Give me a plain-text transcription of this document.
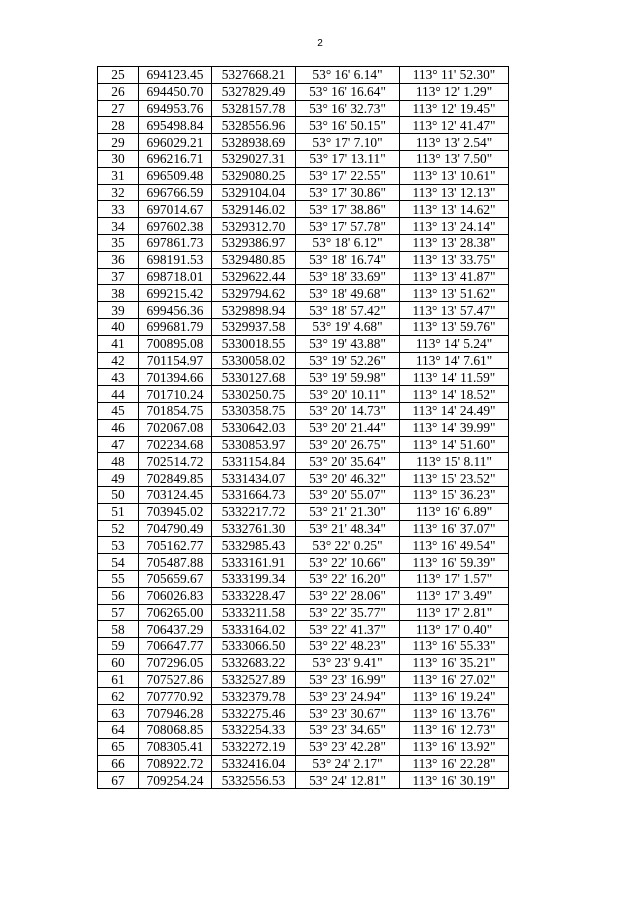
2
25	694123.45	5327668.21	53° 16' 6.14"	113° 11' 52.30"
26	694450.70	5327829.49	53° 16' 16.64"	113° 12' 1.29"
27	694953.76	5328157.78	53° 16' 32.73"	113° 12' 19.45"
28	695498.84	5328556.96	53° 16' 50.15"	113° 12' 41.47"
29	696029.21	5328938.69	53° 17' 7.10"	113° 13' 2.54"
30	696216.71	5329027.31	53° 17' 13.11"	113° 13' 7.50"
31	696509.48	5329080.25	53° 17' 22.55"	113° 13' 10.61"
32	696766.59	5329104.04	53° 17' 30.86"	113° 13' 12.13"
33	697014.67	5329146.02	53° 17' 38.86"	113° 13' 14.62"
34	697602.38	5329312.70	53° 17' 57.78"	113° 13' 24.14"
35	697861.73	5329386.97	53° 18' 6.12"	113° 13' 28.38"
36	698191.53	5329480.85	53° 18' 16.74"	113° 13' 33.75"
37	698718.01	5329622.44	53° 18' 33.69"	113° 13' 41.87"
38	699215.42	5329794.62	53° 18' 49.68"	113° 13' 51.62"
39	699456.36	5329898.94	53° 18' 57.42"	113° 13' 57.47"
40	699681.79	5329937.58	53° 19' 4.68"	113° 13' 59.76"
41	700895.08	5330018.55	53° 19' 43.88"	113° 14' 5.24"
42	701154.97	5330058.02	53° 19' 52.26"	113° 14' 7.61"
43	701394.66	5330127.68	53° 19' 59.98"	113° 14' 11.59"
44	701710.24	5330250.75	53° 20' 10.11"	113° 14' 18.52"
45	701854.75	5330358.75	53° 20' 14.73"	113° 14' 24.49"
46	702067.08	5330642.03	53° 20' 21.44"	113° 14' 39.99"
47	702234.68	5330853.97	53° 20' 26.75"	113° 14' 51.60"
48	702514.72	5331154.84	53° 20' 35.64"	113° 15' 8.11"
49	702849.85	5331434.07	53° 20' 46.32"	113° 15' 23.52"
50	703124.45	5331664.73	53° 20' 55.07"	113° 15' 36.23"
51	703945.02	5332217.72	53° 21' 21.30"	113° 16' 6.89"
52	704790.49	5332761.30	53° 21' 48.34"	113° 16' 37.07"
53	705162.77	5332985.43	53° 22' 0.25"	113° 16' 49.54"
54	705487.88	5333161.91	53° 22' 10.66"	113° 16' 59.39"
55	705659.67	5333199.34	53° 22' 16.20"	113° 17' 1.57"
56	706026.83	5333228.47	53° 22' 28.06"	113° 17' 3.49"
57	706265.00	5333211.58	53° 22' 35.77"	113° 17' 2.81"
58	706437.29	5333164.02	53° 22' 41.37"	113° 17' 0.40"
59	706647.77	5333066.50	53° 22' 48.23"	113° 16' 55.33"
60	707296.05	5332683.22	53° 23' 9.41"	113° 16' 35.21"
61	707527.86	5332527.89	53° 23' 16.99"	113° 16' 27.02"
62	707770.92	5332379.78	53° 23' 24.94"	113° 16' 19.24"
63	707946.28	5332275.46	53° 23' 30.67"	113° 16' 13.76"
64	708068.85	5332254.33	53° 23' 34.65"	113° 16' 12.73"
65	708305.41	5332272.19	53° 23' 42.28"	113° 16' 13.92"
66	708922.72	5332416.04	53° 24' 2.17"	113° 16' 22.28"
67	709254.24	5332556.53	53° 24' 12.81"	113° 16' 30.19"
